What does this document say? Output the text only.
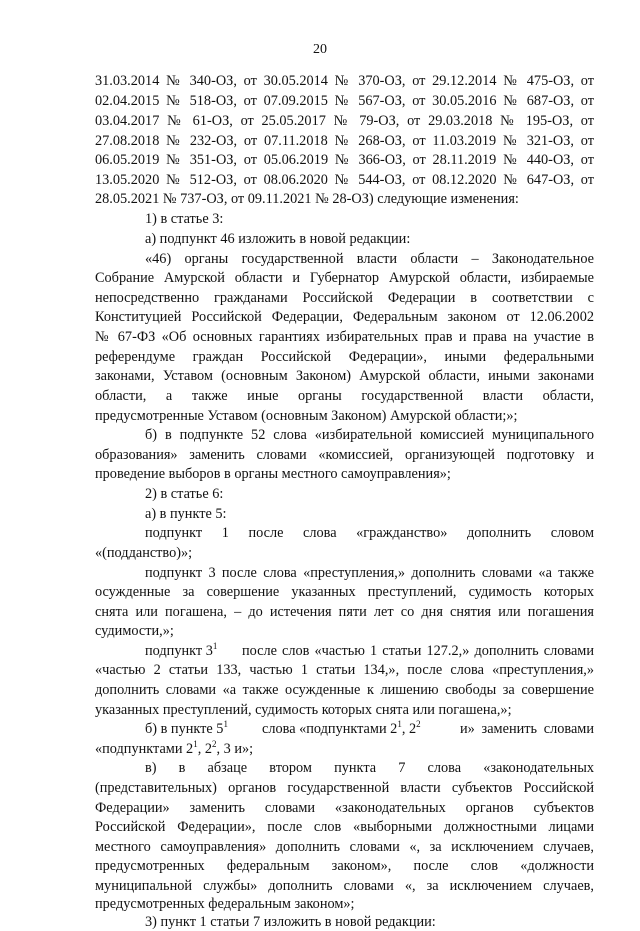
20
31.03.2014 № 340-ОЗ, от 30.05.2014 № 370-ОЗ, от 29.12.2014 № 475-ОЗ, от
02.04.2015 № 518-ОЗ, от 07.09.2015 № 567-ОЗ, от 30.05.2016 № 687-ОЗ, от
03.04.2017 № 61-ОЗ, от 25.05.2017 № 79-ОЗ, от 29.03.2018 № 195-ОЗ, от
27.08.2018 № 232-ОЗ, от 07.11.2018 № 268-ОЗ, от 11.03.2019 № 321-ОЗ, от
06.05.2019 № 351-ОЗ, от 05.06.2019 № 366-ОЗ, от 28.11.2019 № 440-ОЗ, от
13.05.2020 № 512-ОЗ, от 08.06.2020 № 544-ОЗ, от 08.12.2020 № 647-ОЗ, от
28.05.2021 № 737-ОЗ, от 09.11.2021 № 28-ОЗ) следующие изменения:
1) в статье 3:
а) подпункт 46 изложить в новой редакции:
«46) органы государственной власти области – Законодательное
Собрание Амурской области и Губернатор Амурской области, избираемые
непосредственно гражданами Российской Федерации в соответствии с
Конституцией Российской Федерации, Федеральным законом от 12.06.2002
№ 67-ФЗ «Об основных гарантиях избирательных прав и права на участие в
референдуме граждан Российской Федерации», иными федеральными
законами, Уставом (основным Законом) Амурской области, иными законами
области, а также иные органы государственной власти области,
предусмотренные Уставом (основным Законом) Амурской области;»;
б) в подпункте 52 слова «избирательной комиссией муниципального
образования» заменить словами «комиссией, организующей подготовку и
проведение выборов в органы местного самоуправления»;
2) в статье 6:
а) в пункте 5:
подпункт 1 после слова «гражданство» дополнить словом
«(подданство)»;
подпункт 3 после слова «преступления,» дополнить словами «а также
осужденные за совершение указанных преступлений, судимость которых
снята или погашена, – до истечения пяти лет со дня снятия или погашения
судимости,»;
подпункт $3^1$ после слов «частью 1 статьи 127.2,» дополнить словами
«частью 2 статьи 133, частью 1 статьи 134,», после слова «преступления,»
дополнить словами «а также осужденные к лишению свободы за совершение
указанных преступлений, судимость которых снята или погашена,»;
б) в пункте $5^1$ слова «подпунктами $2^1$, $2^2$	и» заменить словами
«подпунктами $2^1$, $2^2$, 3 и»;
в) в абзаце втором пункта 7 слова «законодательных
(представительных) органов государственной власти субъектов Российской
Федерации» заменить словами «законодательных органов субъектов
Российской Федерации», после слов «выборными должностными лицами
местного самоуправления» дополнить словами «, за исключением случаев,
предусмотренных федеральным законом», после слов «должности
муниципальной службы» дополнить словами «, за исключением случаев,
предусмотренных федеральным законом»;
3) пункт 1 статьи 7 изложить в новой редакции:
